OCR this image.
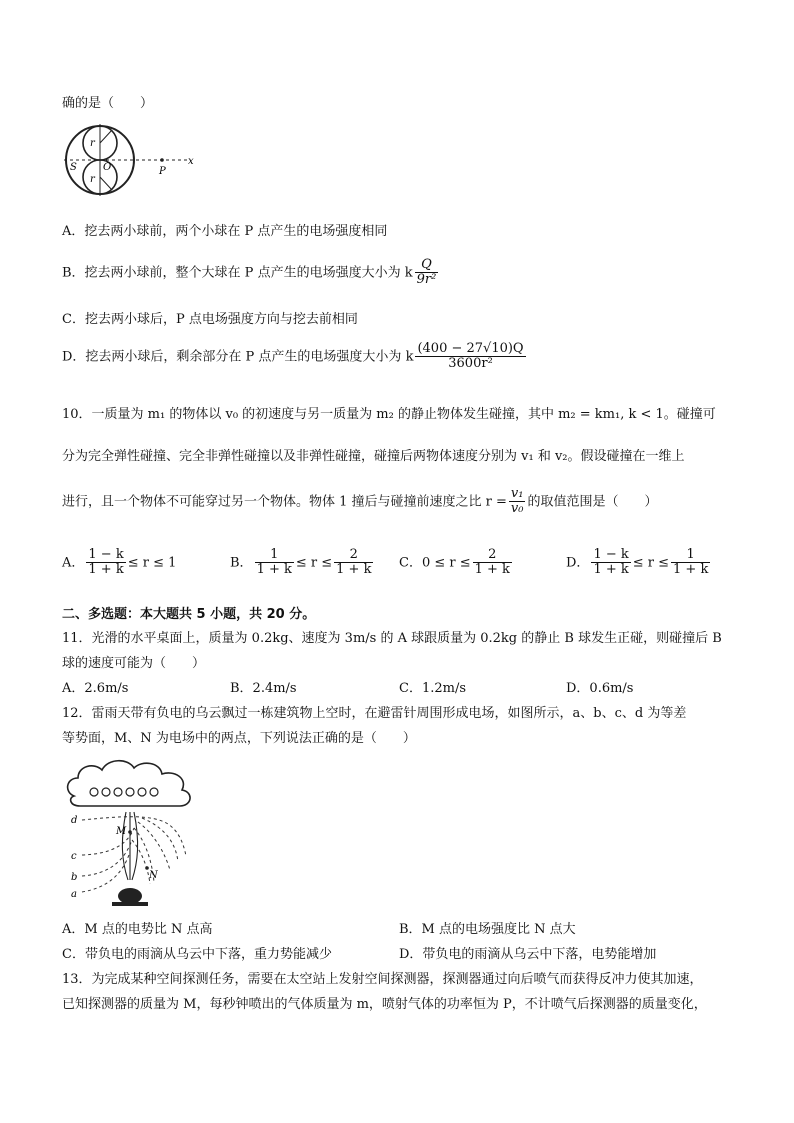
确的是（　　）
r
r
S	O	P
x
A．挖去两小球前，两个小球在 P 点产生的电场强度相同
B．挖去两小球前，整个大球在 P 点产生的电场强度大小为 k $\frac{Q}{\text{9r²}}$
C．挖去两小球后，P 点电场强度方向与挖去前相同
D．挖去两小球后，剩余部分在 P 点产生的电场强度大小为 k $\frac{(400 - 27√10)Q}{\text{3600r²}}$
10．一质量为 m₁ 的物体以 v₀ 的初速度与另一质量为 m₂ 的静止物体发生碰撞，其中 m₂ = km₁, k < 1。碰撞可
分为完全弹性碰撞、完全非弹性碰撞以及非弹性碰撞，碰撞后两物体速度分别为 v₁ 和 v₂。假设碰撞在一维上
进行，且一个物体不可能穿过另一个物体。物体 1 撞后与碰撞前速度之比 $r = \frac{\text{v₁}}{\text{v₀}}$ 的取值范围是（　　）
A． $\frac{1 - k}{1 + k} \le r \le 1$	B． $\frac{1}{1 + k} \le r \le \frac{2}{1 + k}$ C．$0 \le r \le \frac{2}{1 + k}$	D． $\frac{1 - k}{1 + k} \le r \le \frac{1}{1 + k}$
二、多选题：本大题共 5 小题，共 20 分。
11．光滑的水平桌面上，质量为 0.2kg、速度为 3m/s 的 A 球跟质量为 0.2kg 的静止 B 球发生正碰，则碰撞后 B
球的速度可能为（　　）
A．2.6m/s	B．2.4m/s	C．1.2m/s	D．0.6m/s
12．雷雨天带有负电的乌云飘过一栋建筑物上空时，在避雷针周围形成电场，如图所示，a、b、c、d 为等差
等势面，M、N 为电场中的两点，下列说法正确的是（　　）
d
c
b
a
M
N
A．M 点的电势比 N 点高	B．M 点的电场强度比 N 点大
C．带负电的雨滴从乌云中下落，重力势能减少	D．带负电的雨滴从乌云中下落，电势能增加
13．为完成某种空间探测任务，需要在太空站上发射空间探测器，探测器通过向后喷气而获得反冲力使其加速，
已知探测器的质量为 M，每秒钟喷出的气体质量为 m，喷射气体的功率恒为 P，不计喷气后探测器的质量变化，
